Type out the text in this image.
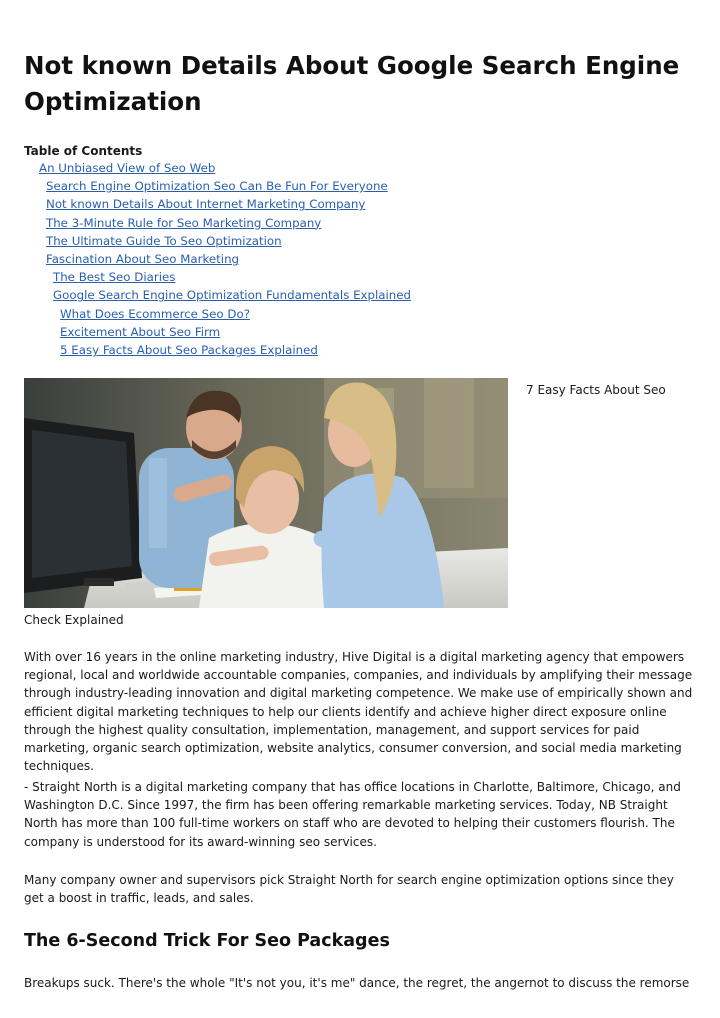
Not known Details About Google Search Engine Optimization
Table of Contents
An Unbiased View of Seo Web
Search Engine Optimization Seo Can Be Fun For Everyone
Not known Details About Internet Marketing Company
The 3-Minute Rule for Seo Marketing Company
The Ultimate Guide To Seo Optimization
Fascination About Seo Marketing
The Best Seo Diaries
Google Search Engine Optimization Fundamentals Explained
What Does Ecommerce Seo Do?
Excitement About Seo Firm
5 Easy Facts About Seo Packages Explained
7 Easy Facts About Seo
Check Explained

With over 16 years in the online marketing industry, Hive Digital is a digital marketing agency that empowers regional, local and worldwide accountable companies, companies, and individuals by amplifying their message through industry-leading innovation and digital marketing competence. We make use of empirically shown and efficient digital marketing techniques to help our clients identify and achieve higher direct exposure online through the highest quality consultation, implementation, management, and support services for paid marketing, organic search optimization, website analytics, consumer conversion, and social media marketing techniques.

- Straight North is a digital marketing company that has office locations in Charlotte, Baltimore, Chicago, and Washington D.C. Since 1997, the firm has been offering remarkable marketing services. Today, NB Straight North has more than 100 full-time workers on staff who are devoted to helping their customers flourish. The company is understood for its award-winning seo services.

Many company owner and supervisors pick Straight North for search engine optimization options since they get a boost in traffic, leads, and sales.

The 6-Second Trick For Seo Packages

Breakups suck. There's the whole "It's not you, it's me" dance, the regret, the angernot to discuss the remorse
